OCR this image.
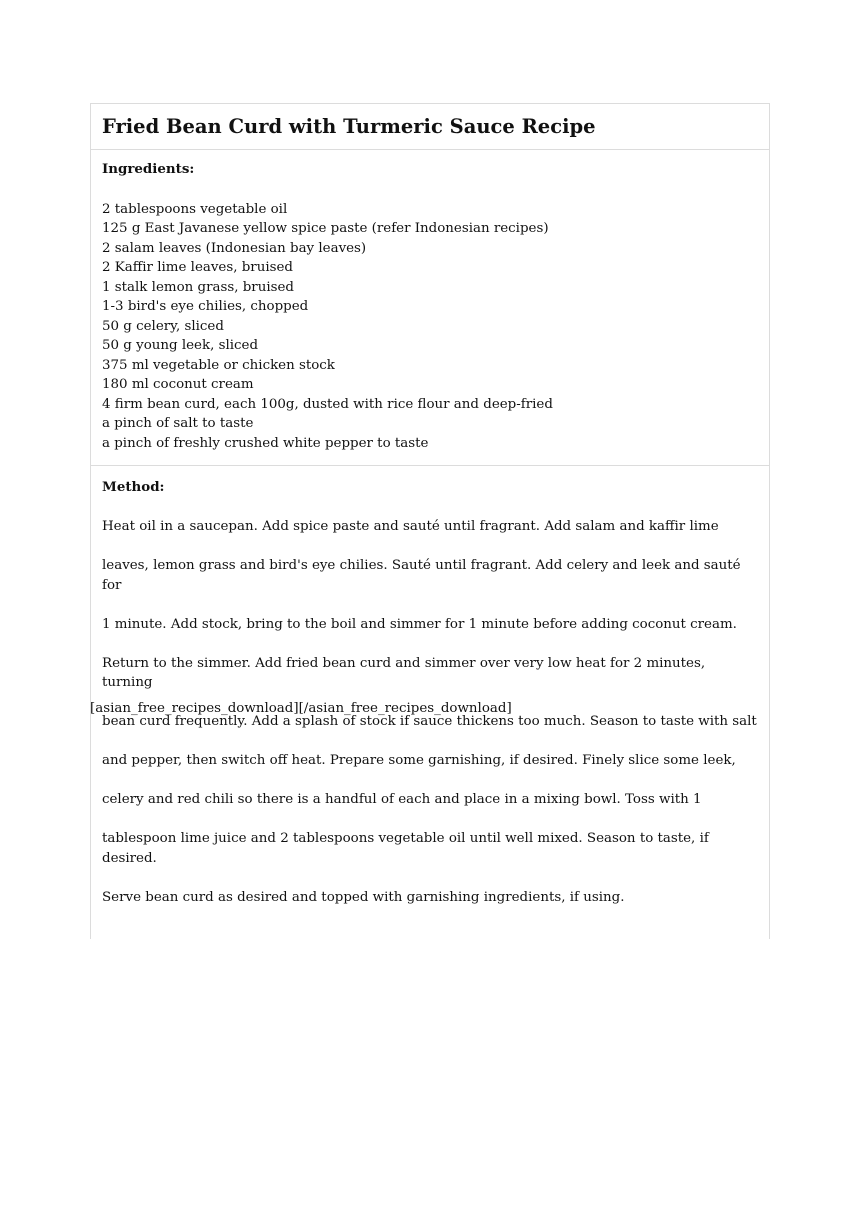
Fried Bean Curd with Turmeric Sauce Recipe

Ingredients:

2 tablespoons vegetable oil
125 g East Javanese yellow spice paste (refer Indonesian recipes)
2 salam leaves (Indonesian bay leaves)
2 Kaffir lime leaves, bruised
1 stalk lemon grass, bruised
1-3 bird's eye chilies, chopped
50 g celery, sliced
50 g young leek, sliced
375 ml vegetable or chicken stock
180 ml coconut cream
4 firm bean curd, each 100g, dusted with rice flour and deep-fried
a pinch of salt to taste
a pinch of freshly crushed white pepper to taste

Method:

Heat oil in a saucepan. Add spice paste and sauté until fragrant. Add salam and kaffir lime

leaves, lemon grass and bird's eye chilies. Sauté until fragrant. Add celery and leek and sauté for

1 minute. Add stock, bring to the boil and simmer for 1 minute before adding coconut cream.

Return to the simmer. Add fried bean curd and simmer over very low heat for 2 minutes, turning

bean curd frequently. Add a splash of stock if sauce thickens too much. Season to taste with salt

and pepper, then switch off heat. Prepare some garnishing, if desired. Finely slice some leek,

celery and red chili so there is a handful of each and place in a mixing bowl. Toss with 1

tablespoon lime juice and 2 tablespoons vegetable oil until well mixed. Season to taste, if desired.

Serve bean curd as desired and topped with garnishing ingredients, if using.

[asian_free_recipes_download][/asian_free_recipes_download]
